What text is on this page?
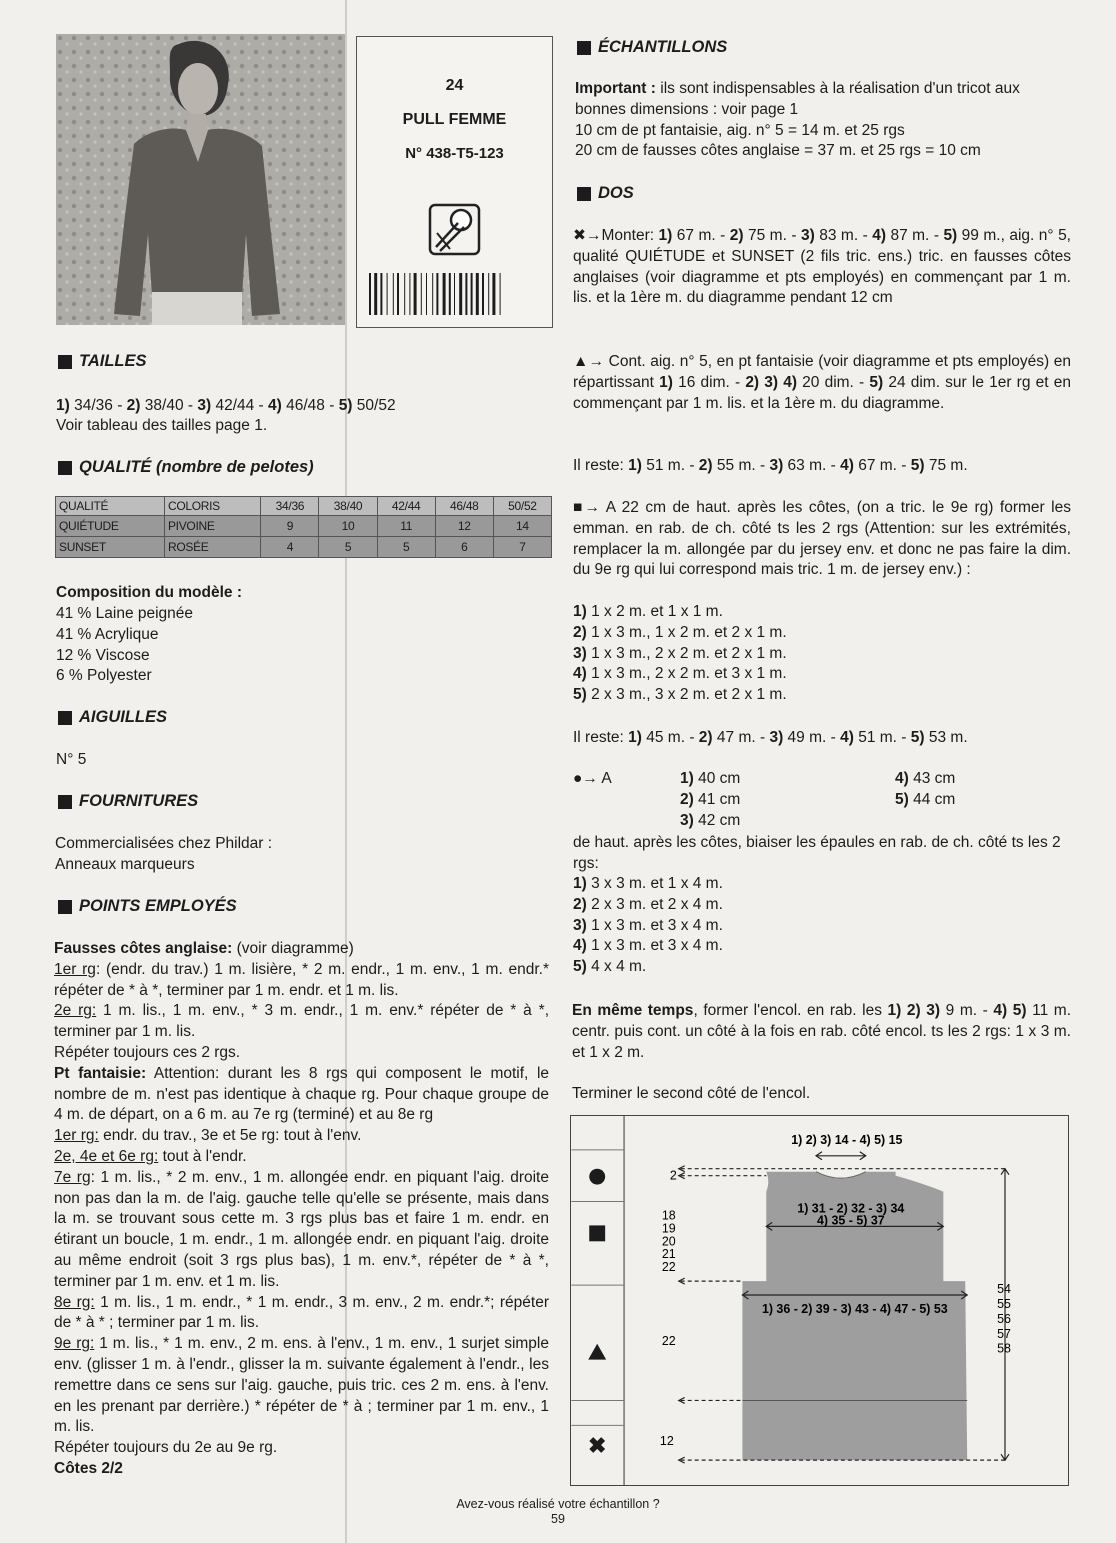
24
PULL FEMME
N° 438-T5-123
TAILLES
1) 34/36 - 2) 38/40 - 3) 42/44 - 4) 46/48 - 5) 50/52
Voir tableau des tailles page 1.
QUALITÉ (nombre de pelotes)
QUALITÉ	COLORIS	34/36	38/40	42/44	46/48	50/52
QUIÉTUDE	PIVOINE	9	10	11	12	14
SUNSET	ROSÉE	4	5	5	6	7
Composition du modèle :
41 % Laine peignée
41 % Acrylique
12 % Viscose
6 % Polyester
AIGUILLES
N° 5
FOURNITURES
Commercialisées chez Phildar :
Anneaux marqueurs
POINTS EMPLOYÉS
Fausses côtes anglaise: (voir diagramme)
1er rg: (endr. du trav.) 1 m. lisière, * 2 m. endr., 1 m. env., 1 m. endr.* répéter de * à *, terminer par 1 m. endr. et 1 m. lis.
2e rg: 1 m. lis., 1 m. env., * 3 m. endr., 1 m. env.* répéter de * à *, terminer par 1 m. lis.
Répéter toujours ces 2 rgs.
Pt fantaisie: Attention: durant les 8 rgs qui composent le motif, le nombre de m. n'est pas identique à chaque rg. Pour chaque groupe de 4 m. de départ, on a 6 m. au 7e rg (terminé) et au 8e rg
1er rg: endr. du trav., 3e et 5e rg: tout à l'env.
2e, 4e et 6e rg: tout à l'endr.
7e rg: 1 m. lis., * 2 m. env., 1 m. allongée endr. en piquant l'aig. droite non pas dan la m. de l'aig. gauche telle qu'elle se présente, mais dans la m. se trouvant sous cette m. 3 rgs plus bas et faire 1 m. endr. en étirant un boucle, 1 m. endr., 1 m. allongée endr. en piquant l'aig. droite au même endroit (soit 3 rgs plus bas), 1 m. env.*, répéter de * à *, terminer par 1 m. env. et 1 m. lis.
8e rg: 1 m. lis., 1 m. endr., * 1 m. endr., 3 m. env., 2 m. endr.*; répéter de * à * ; terminer par 1 m. lis.
9e rg: 1 m. lis., * 1 m. env., 2 m. ens. à l'env., 1 m. env., 1 surjet simple env. (glisser 1 m. à l'endr., glisser la m. suivante également à l'endr., les remettre dans ce sens sur l'aig. gauche, puis tric. ces 2 m. ens. à l'env. en les prenant par derrière.) * répéter de * à ; terminer par 1 m. env., 1 m. lis.
Répéter toujours du 2e au 9e rg.
Côtes 2/2
ÉCHANTILLONS
Important : ils sont indispensables à la réalisation d'un tricot aux bonnes dimensions : voir page 1
10 cm de pt fantaisie, aig. n° 5 = 14 m. et 25 rgs
20 cm de fausses côtes anglaise = 37 m. et 25 rgs = 10 cm
DOS
✖→Monter: 1) 67 m. - 2) 75 m. - 3) 83 m. - 4) 87 m. - 5) 99 m., aig. n° 5, qualité QUIÉTUDE et SUNSET (2 fils tric. ens.) tric. en fausses côtes anglaises (voir diagramme et pts employés) en commençant par 1 m. lis. et la 1ère m. du diagramme pendant 12 cm
▲→ Cont. aig. n° 5, en pt fantaisie (voir diagramme et pts employés) en répartissant 1) 16 dim. - 2) 3) 4) 20 dim. - 5) 24 dim. sur le 1er rg et en commençant par 1 m. lis. et la 1ère m. du diagramme.
Il reste: 1) 51 m. - 2) 55 m. - 3) 63 m. - 4) 67 m. - 5) 75 m.
■→ A 22 cm de haut. après les côtes, (on a tric. le 9e rg) former les emman. en rab. de ch. côté ts les 2 rgs (Attention: sur les extrémités, remplacer la m. allongée par du jersey env. et donc ne pas faire la dim. du 9e rg qui lui correspond mais tric. 1 m. de jersey env.) :
1) 1 x 2 m. et 1 x 1 m.
2) 1 x 3 m., 1 x 2 m. et 2 x 1 m.
3) 1 x 3 m., 2 x 2 m. et 2 x 1 m.
4) 1 x 3 m., 2 x 2 m. et 3 x 1 m.
5) 2 x 3 m., 3 x 2 m. et 2 x 1 m.
Il reste: 1) 45 m. - 2) 47 m. - 3) 49 m. - 4) 51 m. - 5) 53 m.
●→ A	1) 40 cm
2) 41 cm
3) 42 cm
4) 43 cm
5) 44 cm
de haut. après les côtes, biaiser les épaules en rab. de ch. côté ts les 2 rgs:
1) 3 x 3 m. et 1 x 4 m.
2) 2 x 3 m. et 2 x 4 m.
3) 1 x 3 m. et 3 x 4 m.
4) 1 x 3 m. et 3 x 4 m.
5) 4 x 4 m.
En même temps, former l'encol. en rab. les 1) 2) 3) 9 m. - 4) 5) 11 m. centr. puis cont. un côté à la fois en rab. côté encol. ts les 2 rgs: 1 x 3 m. et 1 x 2 m.
Terminer le second côté de l'encol.
✖
1) 2) 3) 14 - 4) 5) 15
1) 31 - 2) 32 - 3) 34
4) 35 - 5) 37
1) 36 - 2) 39 - 3) 43 - 4) 47 - 5) 53
2
18
19
20
21
22
22
12
54
55
56
57
58
Avez-vous réalisé votre échantillon ?
59
